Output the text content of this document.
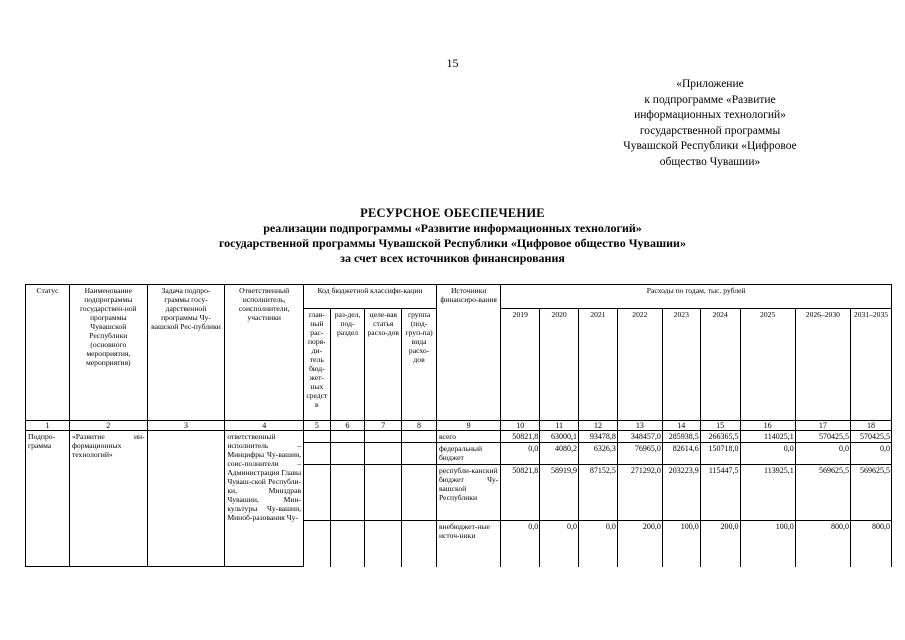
15
«Приложение
к подпрограмме «Развитие
информационных технологий»
государственной программы
Чувашской Республики «Цифровое
общество Чувашии»
РЕСУРСНОЕ ОБЕСПЕЧЕНИЕ
реализации подпрограммы «Развитие информационных технологий»
государственной программы Чувашской Республики «Цифровое общество Чувашии»
за счет всех источников финансирования
Статус	Наименование подпрограммы государствен-ной программы Чувашской Республики (основного мероприятия, мероприятия)	Задача подпро-граммы госу-дарственной программы Чу-вашской Рес-публики	Ответственный исполнитель, соисполнители, участники	Код бюджетной классифи-кации				Источники финансиро-вания	Расходы по годам, тыс. рублей								
				глав-ный рас-поря-ди-тель бюд-жет-ных средств	раз-дел, под-раздел	целе-вая статья расхо-дов	группа (под-груп-па) вида расхо-дов		2019	2020	2021	2022	2023	2024	2025	2026–2030	2031–2035
1	2	3	4	5	6	7	8	9	10	11	12	13	14	15	16	17	18
Подпро-грамма	«Развитие ин-формационных технологий»		ответственный исполнитель – Минцифры Чу-вашии, соис-полнители – Администрация Главы Чуваш-ской Республи-ки, Минздрав Чувашии, Мин-культуры Чу-вашии, Миноб-разования Чу-					всего	50821,8	63000,1	93478,8	348457,0	285938,5	266365,5	114025,1	570425,5	570425,5
								федеральный бюджет	0,0	4080,2	6326,3	76965,0	82614,6	150718,0	0,0	0,0	0,0
								республи-канский бюджет Чу-вашской Республики	50821,8	58919,9	87152,5	271292,0	203223,9	115447,5	113925,1	569625,5	569625,5
								внебюджет-ные источ-ники	0,0	0,0	0,0	200,0	100,0	200,0	100,0	800,0	800,0
